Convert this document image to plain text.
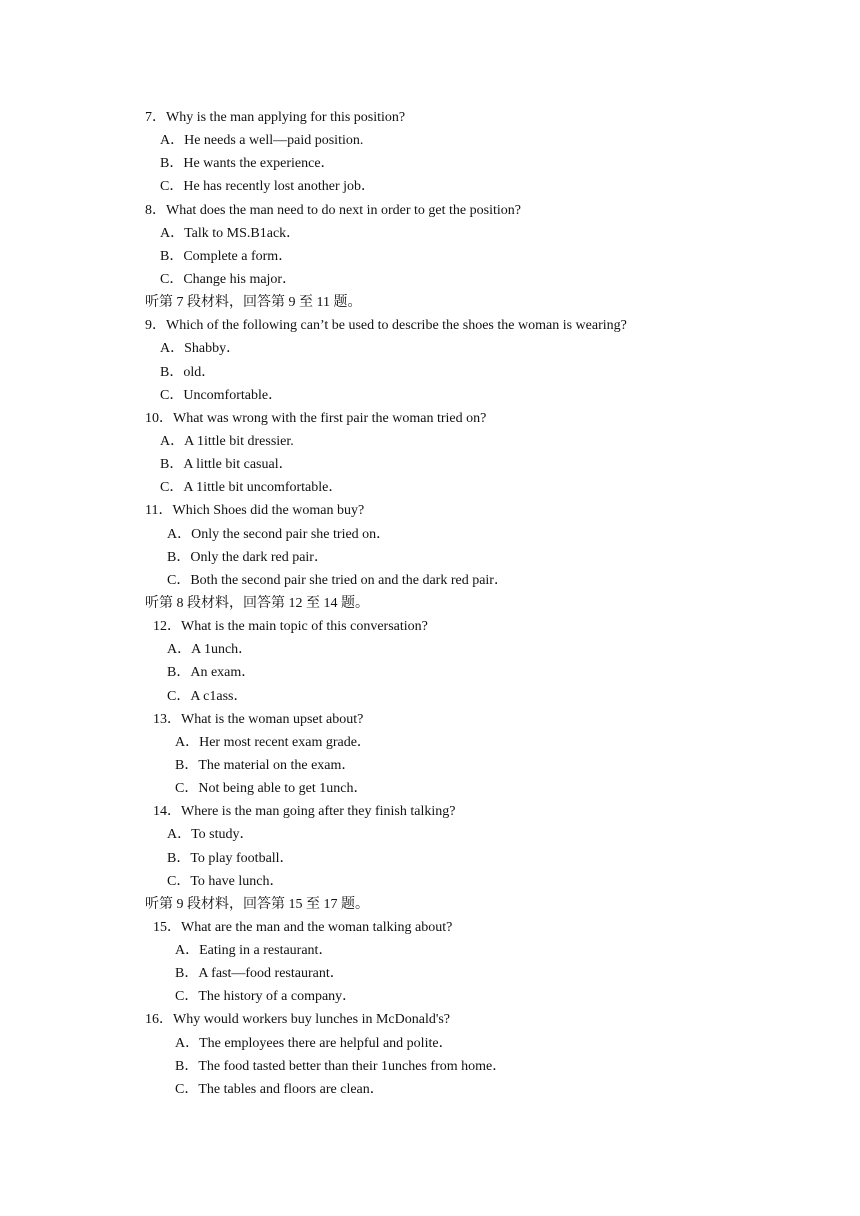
7．Why is the man applying for this position?
A．He needs a well—paid position.
B．He wants the experience．
C．He has recently lost another job．
8．What does the man need to do next in order to get the position?
A．Talk to MS.B1ack．
B．Complete a form．
C．Change his major．
听第 7 段材料，回答第 9 至 11 题。
9．Which of the following can’t be used to describe the shoes the woman is wearing?
A．Shabby．
B．old．
C．Uncomfortable．
10．What was wrong with the first pair the woman tried on?
A．A 1ittle bit dressier.
B．A little bit casual．
C．A 1ittle bit uncomfortable．
11．Which Shoes did the woman buy?
A．Only the second pair she tried on．
B．Only the dark red pair．
C．Both the second pair she tried on and the dark red pair．
听第 8 段材料，回答第 12 至 14 题。
12．What is the main topic of this conversation?
A．A 1unch．
B．An exam．
C．A c1ass．
13．What is the woman upset about?
A．Her most recent exam grade．
B．The material on the exam．
C．Not being able to get 1unch．
14．Where is the man going after they finish talking?
A．To study．
B．To play football．
C．To have lunch．
听第 9 段材料，回答第 15 至 17 题。
15．What are the man and the woman talking about?
A．Eating in a restaurant．
B．A fast—food restaurant．
C．The history of a company．
16．Why would workers buy lunches in McDonald's?
A．The employees there are helpful and polite．
B．The food tasted better than their 1unches from home．
C．The tables and floors are clean．
